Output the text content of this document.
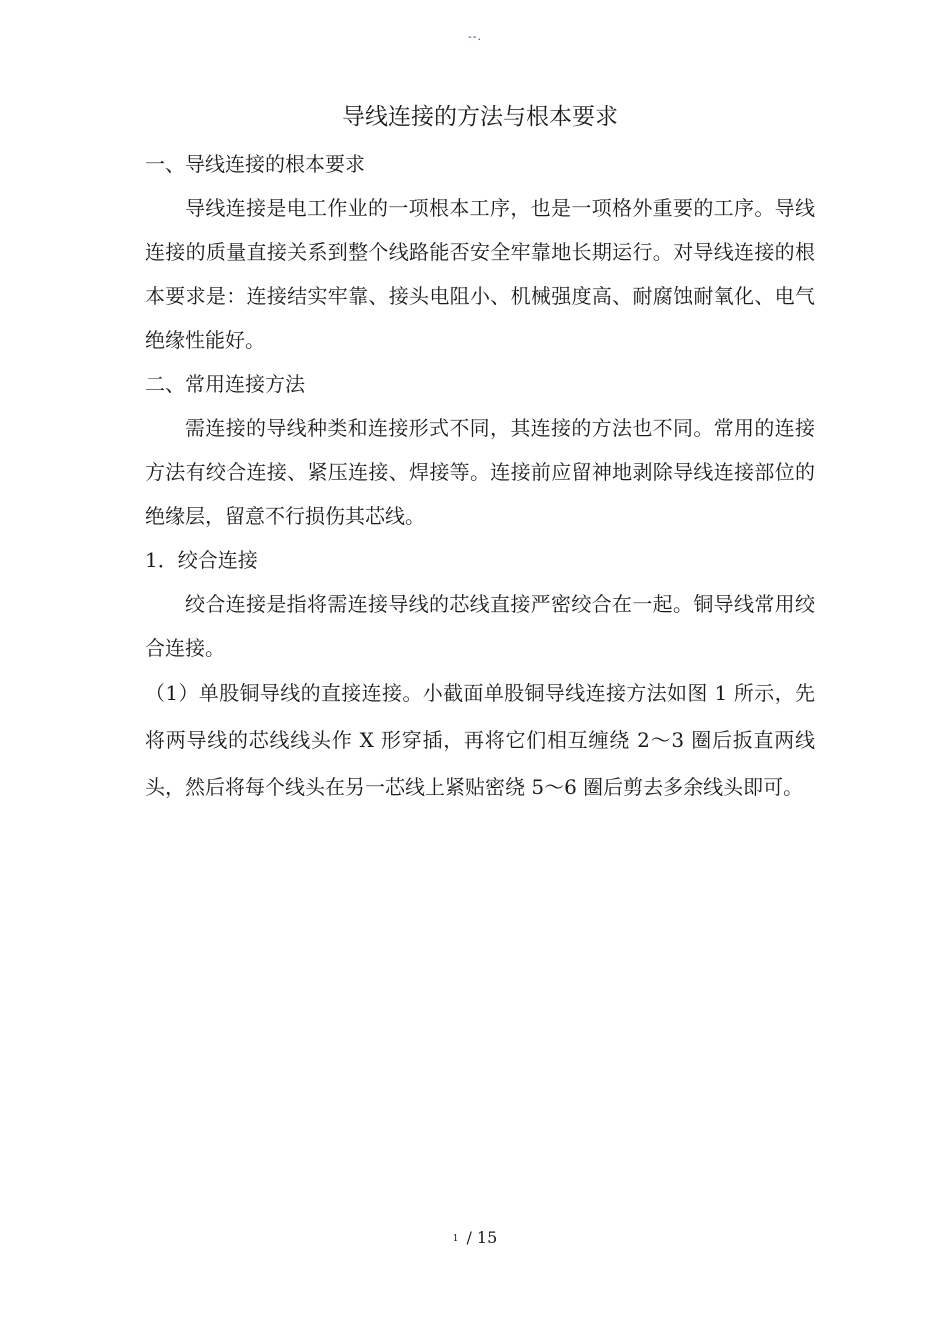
--.
导线连接的方法与根本要求

一、导线连接的根本要求

导线连接是电工作业的一项根本工序，也是一项格外重要的工序。导线连接的质量直接关系到整个线路能否安全牢靠地长期运行。对导线连接的根本要求是：连接结实牢靠、接头电阻小、机械强度高、耐腐蚀耐氧化、电气绝缘性能好。

二、常用连接方法

需连接的导线种类和连接形式不同，其连接的方法也不同。常用的连接方法有绞合连接、紧压连接、焊接等。连接前应留神地剥除导线连接部位的绝缘层，留意不行损伤其芯线。

1．绞合连接

绞合连接是指将需连接导线的芯线直接严密绞合在一起。铜导线常用绞合连接。

（1）单股铜导线的直接连接。小截面单股铜导线连接方法如图 1 所示，先将两导线的芯线线头作 X 形穿插，再将它们相互缠绕 2～3 圈后扳直两线头，然后将每个线头在另一芯线上紧贴密绕 5～6 圈后剪去多余线头即可。

1 / 15
